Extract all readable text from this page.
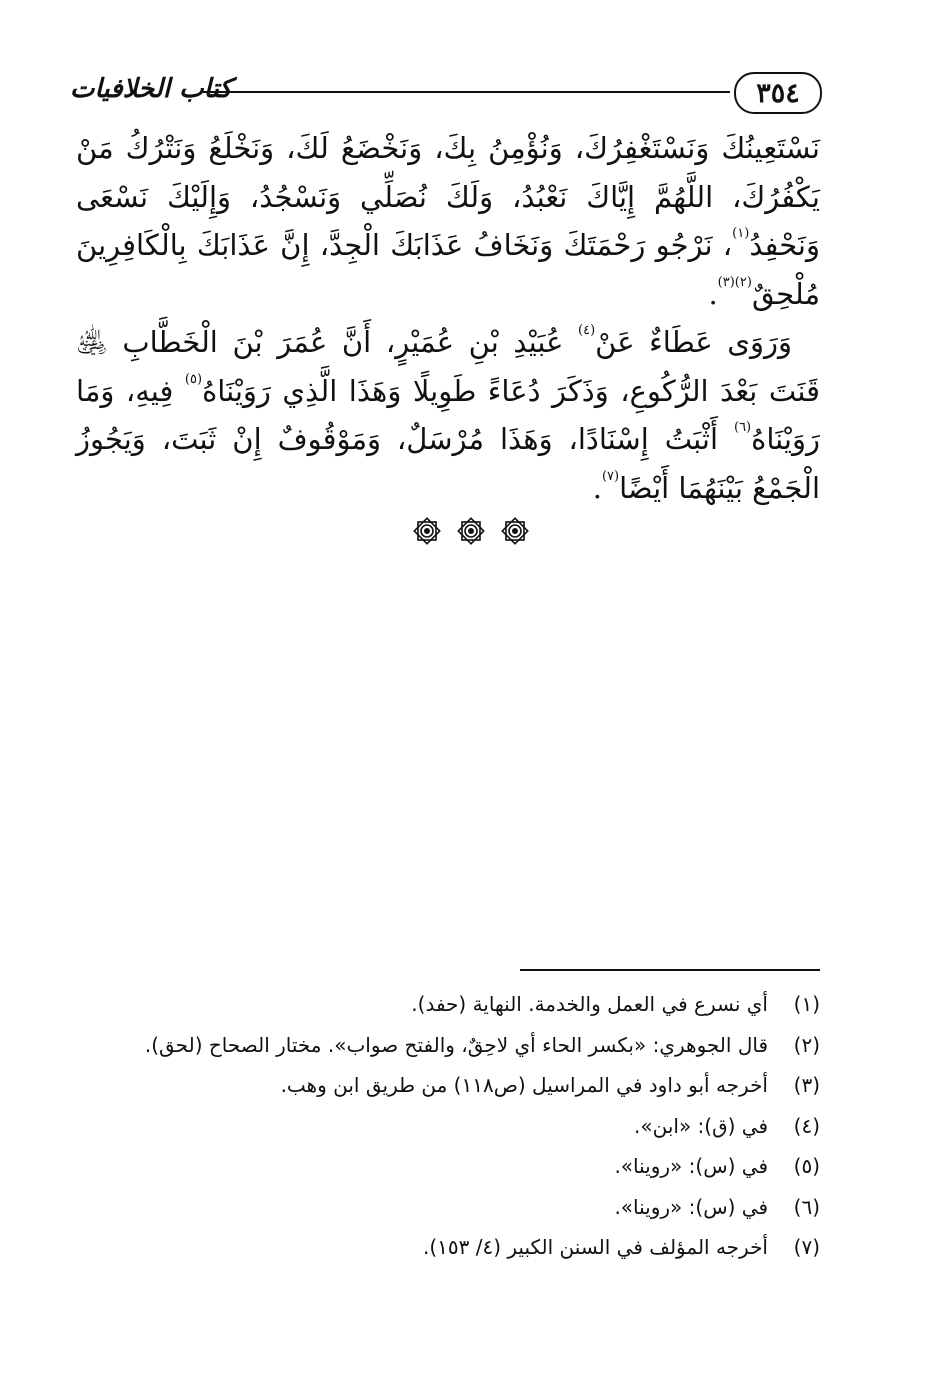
٣٥٤
كتاب الخلافيات

نَسْتَعِينُكَ وَنَسْتَغْفِرُكَ، وَنُؤْمِنُ بِكَ، وَنَخْضَعُ لَكَ، وَنَخْلَعُ وَنَتْرُكُ مَنْ يَكْفُرُكَ، اللَّهُمَّ إِيَّاكَ نَعْبُدُ، وَلَكَ نُصَلِّي وَنَسْجُدُ، وَإِلَيْكَ نَسْعَى وَنَحْفِدُ$^{(١)}$، نَرْجُو رَحْمَتَكَ وَنَخَافُ عَذَابَكَ الْجِدَّ، إِنَّ عَذَابَكَ بِالْكَافِرِينَ مُلْحِقٌ$^{(٢)(٣)}$.

وَرَوَى عَطَاءٌ عَنْ$^{(٤)}$ عُبَيْدِ بْنِ عُمَيْرٍ، أَنَّ عُمَرَ بْنَ الْخَطَّابِ ﵁ قَنَتَ بَعْدَ الرُّكُوعِ، وَذَكَرَ دُعَاءً طَوِيلًا وَهَذَا الَّذِي رَوَيْنَاهُ$^{(٥)}$ فِيهِ، وَمَا رَوَيْنَاهُ$^{(٦)}$ أَثْبَتُ إِسْنَادًا، وَهَذَا مُرْسَلٌ، وَمَوْقُوفٌ إِنْ ثَبَتَ، وَيَجُوزُ الْجَمْعُ بَيْنَهُمَا أَيْضًا$^{(٧)}$.

(١)
أي نسرع في العمل والخدمة. النهاية (حفد).
(٢)
قال الجوهري: «بكسر الحاء أي لاحِقٌ، والفتح صواب». مختار الصحاح (لحق).
(٣)
أخرجه أبو داود في المراسيل (ص١١٨) من طريق ابن وهب.
(٤)
في (ق): «ابن».
(٥)
في (س): «روينا».
(٦)
في (س): «روينا».
(٧)
أخرجه المؤلف في السنن الكبير (٤/ ١٥٣).
